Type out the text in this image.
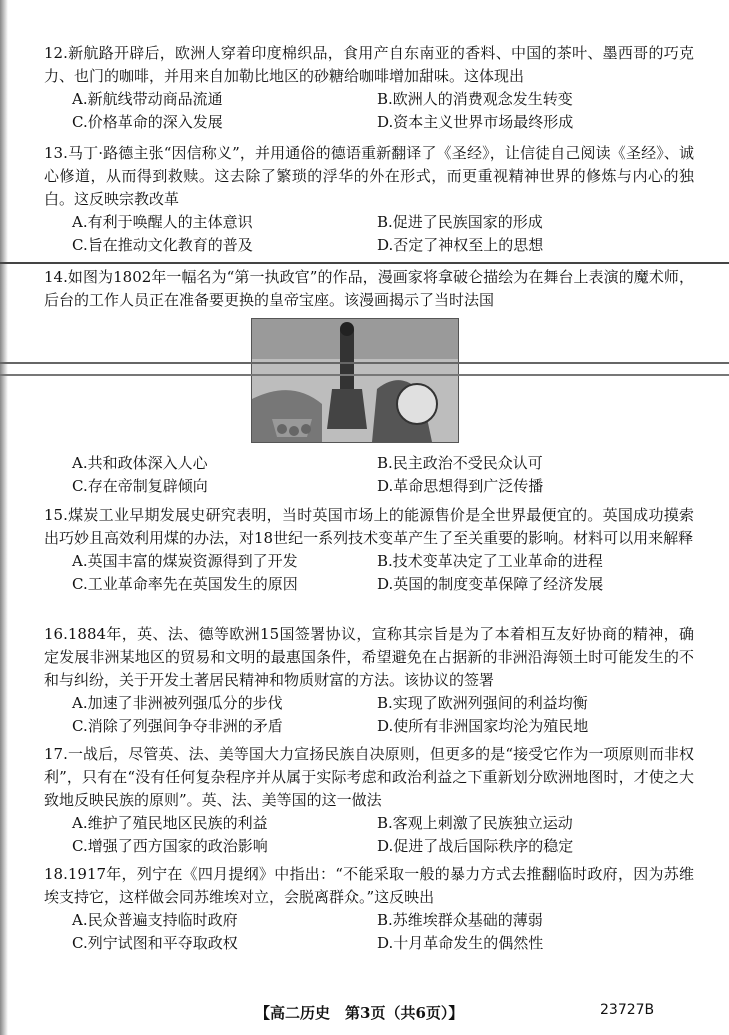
12.新航路开辟后，欧洲人穿着印度棉织品，食用产自东南亚的香料、中国的茶叶、墨西哥的巧克力、也门的咖啡，并用来自加勒比地区的砂糖给咖啡增加甜味。这体现出

A.新航线带动商品流通	B.欧洲人的消费观念发生转变
C.价格革命的深入发展	D.资本主义世界市场最终形成

13.马丁·路德主张“因信称义”，并用通俗的德语重新翻译了《圣经》，让信徒自己阅读《圣经》、诚心修道，从而得到救赎。这去除了繁琐的浮华的外在形式，而更重视精神世界的修炼与内心的独白。这反映宗教改革

A.有利于唤醒人的主体意识	B.促进了民族国家的形成
C.旨在推动文化教育的普及	D.否定了神权至上的思想

14.如图为1802年一幅名为“第一执政官”的作品，漫画家将拿破仑描绘为在舞台上表演的魔术师，后台的工作人员正在准备要更换的皇帝宝座。该漫画揭示了当时法国

A.共和政体深入人心	B.民主政治不受民众认可
C.存在帝制复辟倾向	D.革命思想得到广泛传播

15.煤炭工业早期发展史研究表明，当时英国市场上的能源售价是全世界最便宜的。英国成功摸索出巧妙且高效利用煤的办法，对18世纪一系列技术变革产生了至关重要的影响。材料可以用来解释

A.英国丰富的煤炭资源得到了开发	B.技术变革决定了工业革命的进程
C.工业革命率先在英国发生的原因	D.英国的制度变革保障了经济发展

16.1884年，英、法、德等欧洲15国签署协议，宣称其宗旨是为了本着相互友好协商的精神，确定发展非洲某地区的贸易和文明的最惠国条件，希望避免在占据新的非洲沿海领土时可能发生的不和与纠纷，关于开发土著居民精神和物质财富的方法。该协议的签署

A.加速了非洲被列强瓜分的步伐	B.实现了欧洲列强间的利益均衡
C.消除了列强间争夺非洲的矛盾	D.使所有非洲国家均沦为殖民地

17.一战后，尽管英、法、美等国大力宣扬民族自决原则，但更多的是“接受它作为一项原则而非权利”，只有在“没有任何复杂程序并从属于实际考虑和政治利益之下重新划分欧洲地图时，才使之大致地反映民族的原则”。英、法、美等国的这一做法

A.维护了殖民地区民族的利益	B.客观上刺激了民族独立运动
C.增强了西方国家的政治影响	D.促进了战后国际秩序的稳定

18.1917年，列宁在《四月提纲》中指出：“不能采取一般的暴力方式去推翻临时政府，因为苏维埃支持它，这样做会同苏维埃对立，会脱离群众。”这反映出

A.民众普遍支持临时政府	B.苏维埃群众基础的薄弱
C.列宁试图和平夺取政权	D.十月革命发生的偶然性
【高二历史　第3页（共6页）】	23727B
